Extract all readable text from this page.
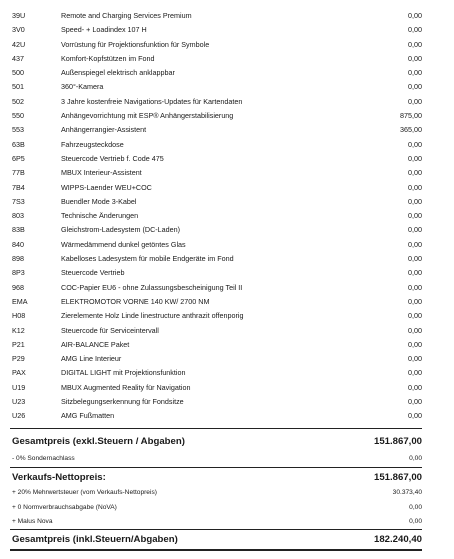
39U	Remote and Charging Services Premium	0,00
3V0	Speed- + Loadindex 107 H	0,00
42U	Vorrüstung für Projektionsfunktion für Symbole	0,00
437	Komfort-Kopfstützen im Fond	0,00
500	Außenspiegel elektrisch anklappbar	0,00
501	360°-Kamera	0,00
502	3 Jahre kostenfreie Navigations-Updates für Kartendaten	0,00
550	Anhängevorrichtung mit ESP® Anhängerstabilisierung	875,00
553	Anhängerrangier-Assistent	365,00
63B	Fahrzeugsteckdose	0,00
6P5	Steuercode Vertrieb f. Code 475	0,00
77B	MBUX Interieur-Assistent	0,00
7B4	WIPPS-Laender WEU+COC	0,00
7S3	Buendler Mode 3-Kabel	0,00
803	Technische Änderungen	0,00
83B	Gleichstrom-Ladesystem (DC-Laden)	0,00
840	Wärmedämmend dunkel getöntes Glas	0,00
898	Kabelloses Ladesystem für mobile Endgeräte im Fond	0,00
8P3	Steuercode Vertrieb	0,00
968	COC-Papier EU6 - ohne Zulassungsbescheinigung Teil II	0,00
EMA	ELEKTROMOTOR VORNE 140 KW/ 2700 NM	0,00
H08	Zierelemente Holz Linde linestructure anthrazit offenporig	0,00
K12	Steuercode für Serviceintervall	0,00
P21	AIR-BALANCE Paket	0,00
P29	AMG Line Interieur	0,00
PAX	DIGITAL LIGHT mit Projektionsfunktion	0,00
U19	MBUX Augmented Reality für Navigation	0,00
U23	Sitzbelegungserkennung für Fondsitze	0,00
U26	AMG Fußmatten	0,00
Gesamtpreis (exkl.Steuern / Abgaben)	151.867,00
- 0% Sondernachlass	0,00
Verkaufs-Nettopreis:	151.867,00
+ 20% Mehrwertsteuer (vom Verkaufs-Nettopreis)	30.373,40
+ 0 Normverbrauchsabgabe (NoVA)	0,00
+ Malus Nova	0,00
Gesamtpreis (inkl.Steuern/Abgaben)	182.240,40
